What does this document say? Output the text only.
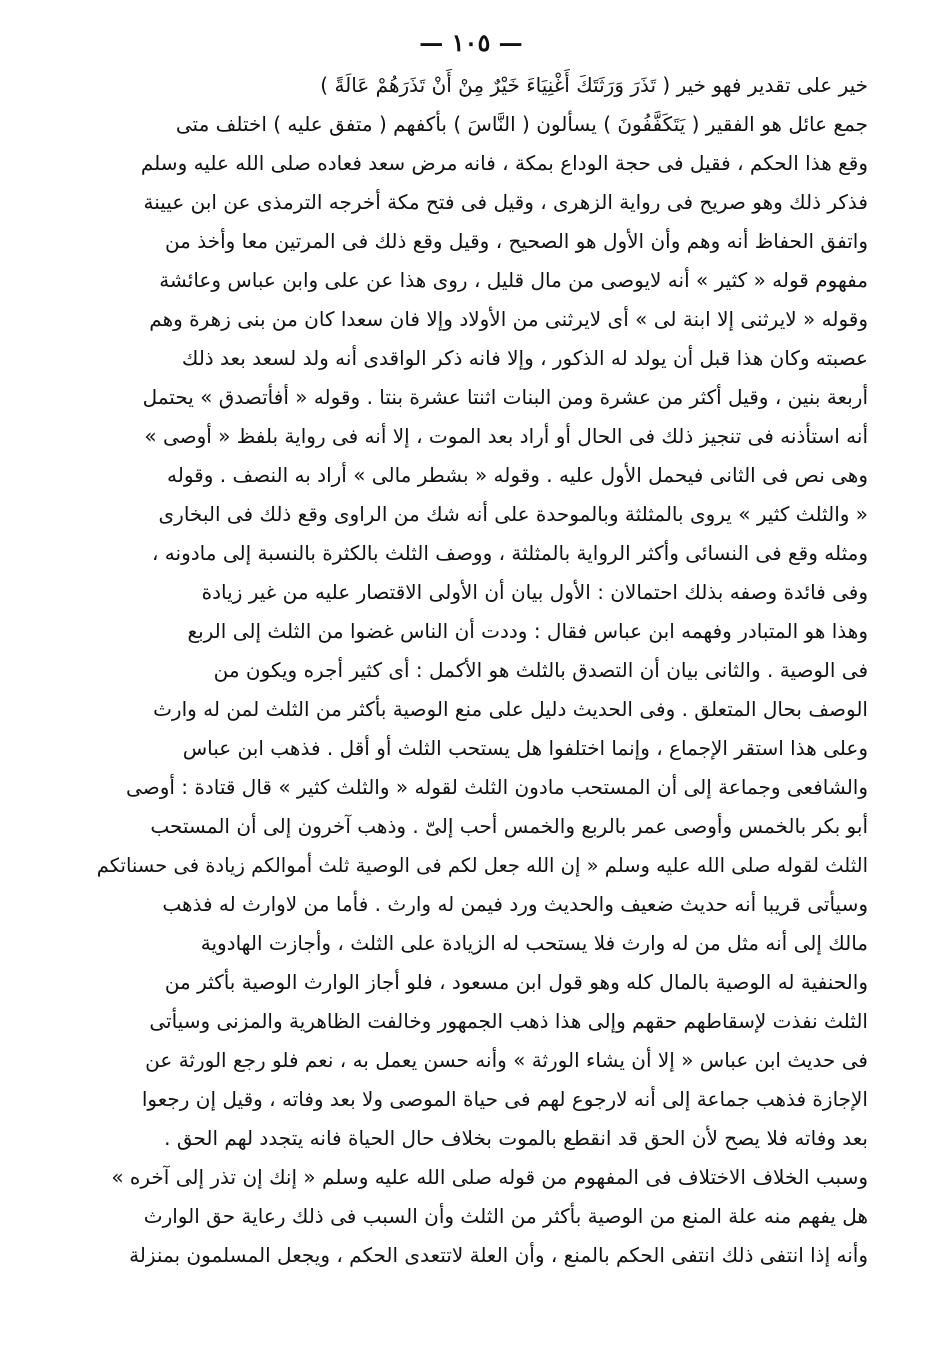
— ١٠٥ —
خير على تقدير فهو خير ( تَذَرَ وَرَثَتَكَ أَغْنِيَاءَ خَيْرٌ مِنْ أَنْ تَذَرَهُمْ عَالَةً )
جمع عائل هو الفقير ( يَتَكَفَّفُونَ ) يسألون ( النَّاسَ ) بأكفهم ( متفق عليه ) اختلف متى
وقع هذا الحكم ، فقيل فى حجة الوداع بمكة ، فانه مرض سعد فعاده صلى الله عليه وسلم
فذكر ذلك وهو صريح فى رواية الزهرى ، وقيل فى فتح مكة أخرجه الترمذى عن ابن عيينة
واتفق الحفاظ أنه وهم وأن الأول هو الصحيح ، وقيل وقع ذلك فى المرتين معا وأخذ من
مفهوم قوله « كثير » أنه لايوصى من مال قليل ، روى هذا عن على وابن عباس وعائشة
وقوله « لايرثنى إلا ابنة لى » أى لايرثنى من الأولاد وإلا فان سعدا كان من بنى زهرة وهم
عصبته وكان هذا قبل أن يولد له الذكور ، وإلا فانه ذكر الواقدى أنه ولد لسعد بعد ذلك
أربعة بنين ، وقيل أكثر من عشرة ومن البنات اثنتا عشرة بنتا . وقوله « أفأتصدق » يحتمل
أنه استأذنه فى تنجيز ذلك فى الحال أو أراد بعد الموت ، إلا أنه فى رواية بلفظ « أوصى »
وهى نص فى الثانى فيحمل الأول عليه . وقوله « بشطر مالى » أراد به النصف . وقوله
« والثلث كثير » يروى بالمثلثة وبالموحدة على أنه شك من الراوى وقع ذلك فى البخارى
ومثله وقع فى النسائى وأكثر الرواية بالمثلثة ، ووصف الثلث بالكثرة بالنسبة إلى مادونه ،
وفى فائدة وصفه بذلك احتمالان : الأول بيان أن الأولى الاقتصار عليه من غير زيادة
وهذا هو المتبادر وفهمه ابن عباس فقال : وددت أن الناس غضوا من الثلث إلى الربع
فى الوصية . والثانى بيان أن التصدق بالثلث هو الأكمل : أى كثير أجره ويكون من
الوصف بحال المتعلق . وفى الحديث دليل على منع الوصية بأكثر من الثلث لمن له وارث
وعلى هذا استقر الإجماع ، وإنما اختلفوا هل يستحب الثلث أو أقل . فذهب ابن عباس
والشافعى وجماعة إلى أن المستحب مادون الثلث لقوله « والثلث كثير » قال قتادة : أوصى
أبو بكر بالخمس وأوصى عمر بالربع والخمس أحب إلىّ . وذهب آخرون إلى أن المستحب
الثلث لقوله صلى الله عليه وسلم « إن الله جعل لكم فى الوصية ثلث أموالكم زيادة فى حسناتكم
وسيأتى قريبا أنه حديث ضعيف والحديث ورد فيمن له وارث . فأما من لاوارث له فذهب
مالك إلى أنه مثل من له وارث فلا يستحب له الزيادة على الثلث ، وأجازت الهادوية
والحنفية له الوصية بالمال كله وهو قول ابن مسعود ، فلو أجاز الوارث الوصية بأكثر من
الثلث نفذت لإسقاطهم حقهم وإلى هذا ذهب الجمهور وخالفت الظاهرية والمزنى وسيأتى
فى حديث ابن عباس « إلا أن يشاء الورثة » وأنه حسن يعمل به ، نعم فلو رجع الورثة عن
الإجازة فذهب جماعة إلى أنه لارجوع لهم فى حياة الموصى ولا بعد وفاته ، وقيل إن رجعوا
بعد وفاته فلا يصح لأن الحق قد انقطع بالموت بخلاف حال الحياة فانه يتجدد لهم الحق .
وسبب الخلاف الاختلاف فى المفهوم من قوله صلى الله عليه وسلم « إنك إن تذر إلى آخره »
هل يفهم منه علة المنع من الوصية بأكثر من الثلث وأن السبب فى ذلك رعاية حق الوارث
وأنه إذا انتفى ذلك انتفى الحكم بالمنع ، وأن العلة لاتتعدى الحكم ، ويجعل المسلمون بمنزلة
